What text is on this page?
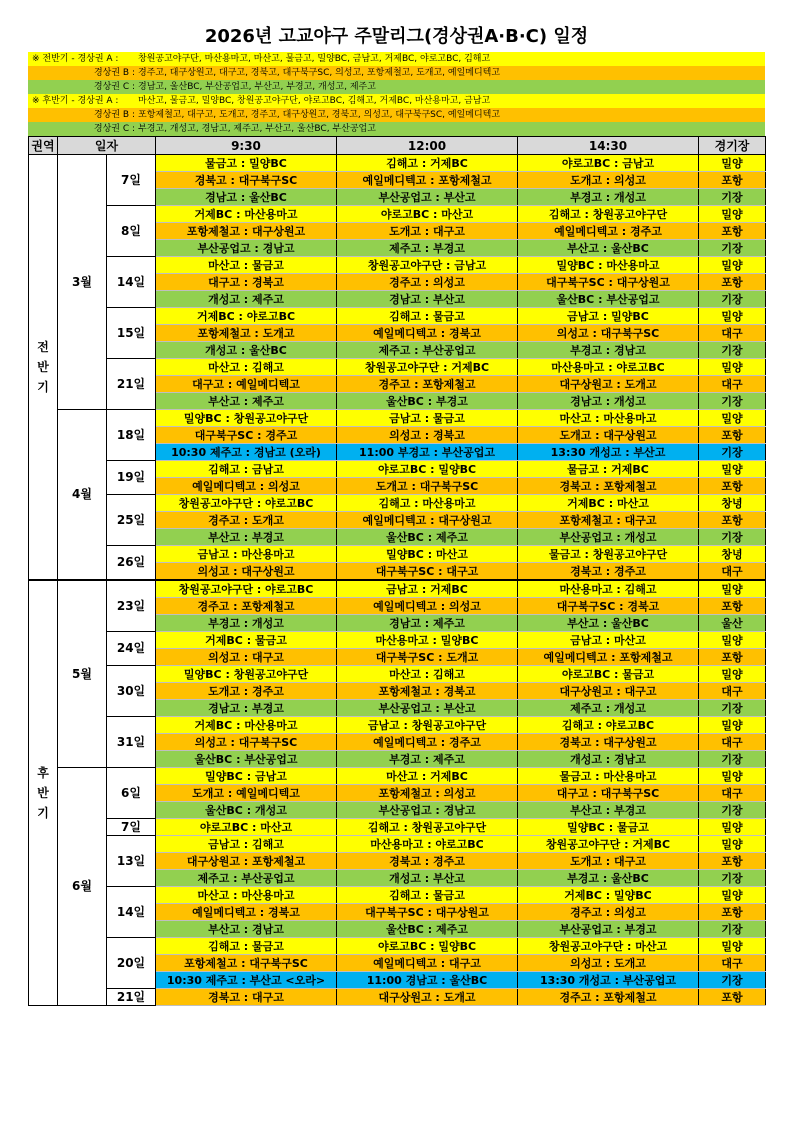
2026년 고교야구 주말리그(경상권A·B·C) 일정
※ 전반기 - 경상권 A : 창원공고야구단, 마산용마고, 마산고, 물금고, 밀양BC, 금남고, 거제BC, 야로고BC, 김해고
경상권 B : 경주고, 대구상원고, 대구고, 경북고, 대구북구SC, 의성고, 포항제철고, 도개고, 예일메디텍고
경상권 C : 경남고, 울산BC, 부산공업고, 부산고, 부경고, 개성고, 제주고
※ 후반기 - 경상권 A : 마산고, 물금고, 밀양BC, 창원공고야구단, 야로고BC, 김해고, 거제BC, 마산용마고, 금남고
경상권 B : 포항제철고, 대구고, 도개고, 경주고, 대구상원고, 경북고, 의성고, 대구북구SC, 예일메디텍고
경상권 C : 부경고, 개성고, 경남고, 제주고, 부산고, 울산BC, 부산공업고
권역	일자		9:30	12:00	14:30	경기장

전
반
기	3월	7일	물금고 : 밀양BC	김해고 : 거제BC	야로고BC : 금남고	밀양
			경북고 : 대구북구SC	예일메디텍고 : 포항제철고	도개고 : 의성고	포항
			경남고 : 울산BC	부산공업고 : 부산고	부경고 : 개성고	기장
		8일	거제BC : 마산용마고	야로고BC : 마산고	김해고 : 창원공고야구단	밀양
			포항제철고 : 대구상원고	도개고 : 대구고	예일메디텍고 : 경주고	포항
			부산공업고 : 경남고	제주고 : 부경고	부산고 : 울산BC	기장
		14일	마산고 : 물금고	창원공고야구단 : 금남고	밀양BC : 마산용마고	밀양
			대구고 : 경북고	경주고 : 의성고	대구북구SC : 대구상원고	포항
			개성고 : 제주고	경남고 : 부산고	울산BC : 부산공업고	기장
		15일	거제BC : 야로고BC	김해고 : 물금고	금남고 : 밀양BC	밀양
			포항제철고 : 도개고	예일메디텍고 : 경북고	의성고 : 대구북구SC	대구
			개성고 : 울산BC	제주고 : 부산공업고	부경고 : 경남고	기장
		21일	마산고 : 김해고	창원공고야구단 : 거제BC	마산용마고 : 야로고BC	밀양
			대구고 : 예일메디텍고	경주고 : 포항제철고	대구상원고 : 도개고	대구
			부산고 : 제주고	울산BC : 부경고	경남고 : 개성고	기장
	4월	18일	밀양BC : 창원공고야구단	금남고 : 물금고	마산고 : 마산용마고	밀양
			대구북구SC : 경주고	의성고 : 경북고	도개고 : 대구상원고	포항
			10:30 제주고 : 경남고 (오라)	11:00 부경고 : 부산공업고	13:30 개성고 : 부산고	기장
		19일	김해고 : 금남고	야로고BC : 밀양BC	물금고 : 거제BC	밀양
			예일메디텍고 : 의성고	도개고 : 대구북구SC	경북고 : 포항제철고	포항
		25일	창원공고야구단 : 야로고BC	김해고 : 마산용마고	거제BC : 마산고	창녕
			경주고 : 도개고	예일메디텍고 : 대구상원고	포항제철고 : 대구고	포항
			부산고 : 부경고	울산BC : 제주고	부산공업고 : 개성고	기장
		26일	금남고 : 마산용마고	밀양BC : 마산고	물금고 : 창원공고야구단	창녕
			의성고 : 대구상원고	대구북구SC : 대구고	경북고 : 경주고	대구

후
반
기	5월	23일	창원공고야구단 : 야로고BC	금남고 : 거제BC	마산용마고 : 김해고	밀양
			경주고 : 포항제철고	예일메디텍고 : 의성고	대구북구SC : 경북고	포항
			부경고 : 개성고	경남고 : 제주고	부산고 : 울산BC	울산
		24일	거제BC : 물금고	마산용마고 : 밀양BC	금남고 : 마산고	밀양
			의성고 : 대구고	대구북구SC : 도개고	예일메디텍고 : 포항제철고	포항
		30일	밀양BC : 창원공고야구단	마산고 : 김해고	야로고BC : 물금고	밀양
			도개고 : 경주고	포항제철고 : 경북고	대구상원고 : 대구고	대구
			경남고 : 부경고	부산공업고 : 부산고	제주고 : 개성고	기장
		31일	거제BC : 마산용마고	금남고 : 창원공고야구단	김해고 : 야로고BC	밀양
			의성고 : 대구북구SC	예일메디텍고 : 경주고	경북고 : 대구상원고	대구
			울산BC : 부산공업고	부경고 : 제주고	개성고 : 경남고	기장
	6월	6일	밀양BC : 금남고	마산고 : 거제BC	물금고 : 마산용마고	밀양
			도개고 : 예일메디텍고	포항제철고 : 의성고	대구고 : 대구북구SC	대구
			울산BC : 개성고	부산공업고 : 경남고	부산고 : 부경고	기장
		7일	야로고BC : 마산고	김해고 : 창원공고야구단	밀양BC : 물금고	밀양
		13일	금남고 : 김해고	마산용마고 : 야로고BC	창원공고야구단 : 거제BC	밀양
			대구상원고 : 포항제철고	경북고 : 경주고	도개고 : 대구고	포항
			제주고 : 부산공업고	개성고 : 부산고	부경고 : 울산BC	기장
		14일	마산고 : 마산용마고	김해고 : 물금고	거제BC : 밀양BC	밀양
			예일메디텍고 : 경북고	대구북구SC : 대구상원고	경주고 : 의성고	포항
			부산고 : 경남고	울산BC : 제주고	부산공업고 : 부경고	기장
		20일	김해고 : 물금고	야로고BC : 밀양BC	창원공고야구단 : 마산고	밀양
			포항제철고 : 대구북구SC	예일메디텍고 : 대구고	의성고 : 도개고	대구
			10:30 제주고 : 부산고 <오라>	11:00 경남고 : 울산BC	13:30 개성고 : 부산공업고	기장
		21일	경북고 : 대구고	대구상원고 : 도개고	경주고 : 포항제철고	포항
